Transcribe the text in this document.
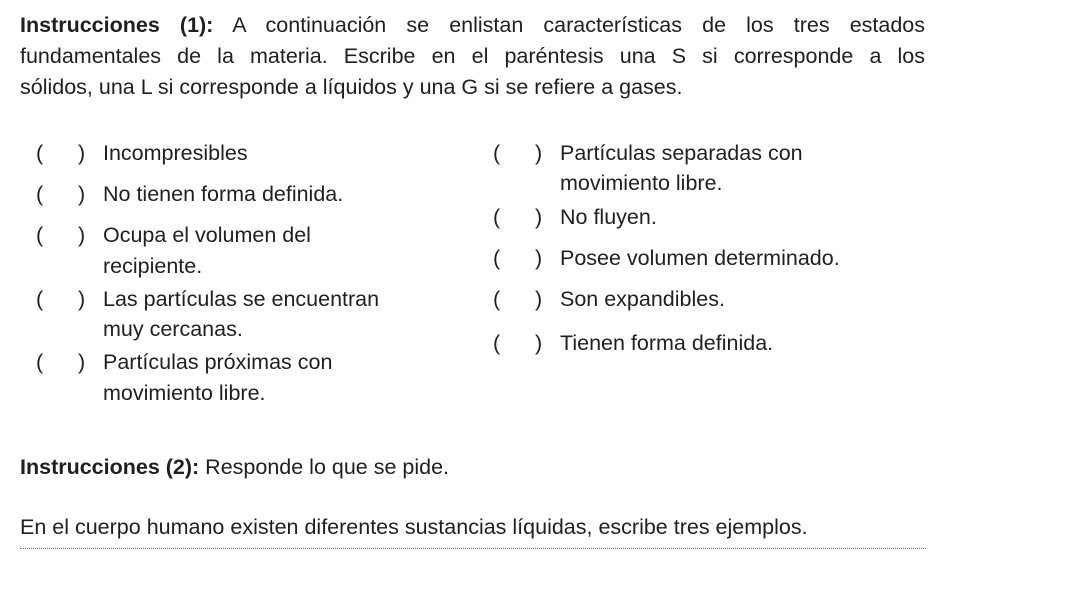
Instrucciones (1): A continuación se enlistan características de los tres estados
fundamentales de la materia. Escribe en el paréntesis una S si corresponde a los
sólidos, una L si corresponde a líquidos y una G si se refiere a gases.
( ) Incompresibles
( ) No tienen forma definida.
( ) Ocupa el volumen del
recipiente.
( ) Las partículas se encuentran
muy cercanas.
( ) Partículas próximas con
movimiento libre.
( ) Partículas separadas con
movimiento libre.
( ) No fluyen.
( ) Posee volumen determinado.
( ) Son expandibles.
( ) Tienen forma definida.
Instrucciones (2): Responde lo que se pide.
En el cuerpo humano existen diferentes sustancias líquidas, escribe tres ejemplos.
